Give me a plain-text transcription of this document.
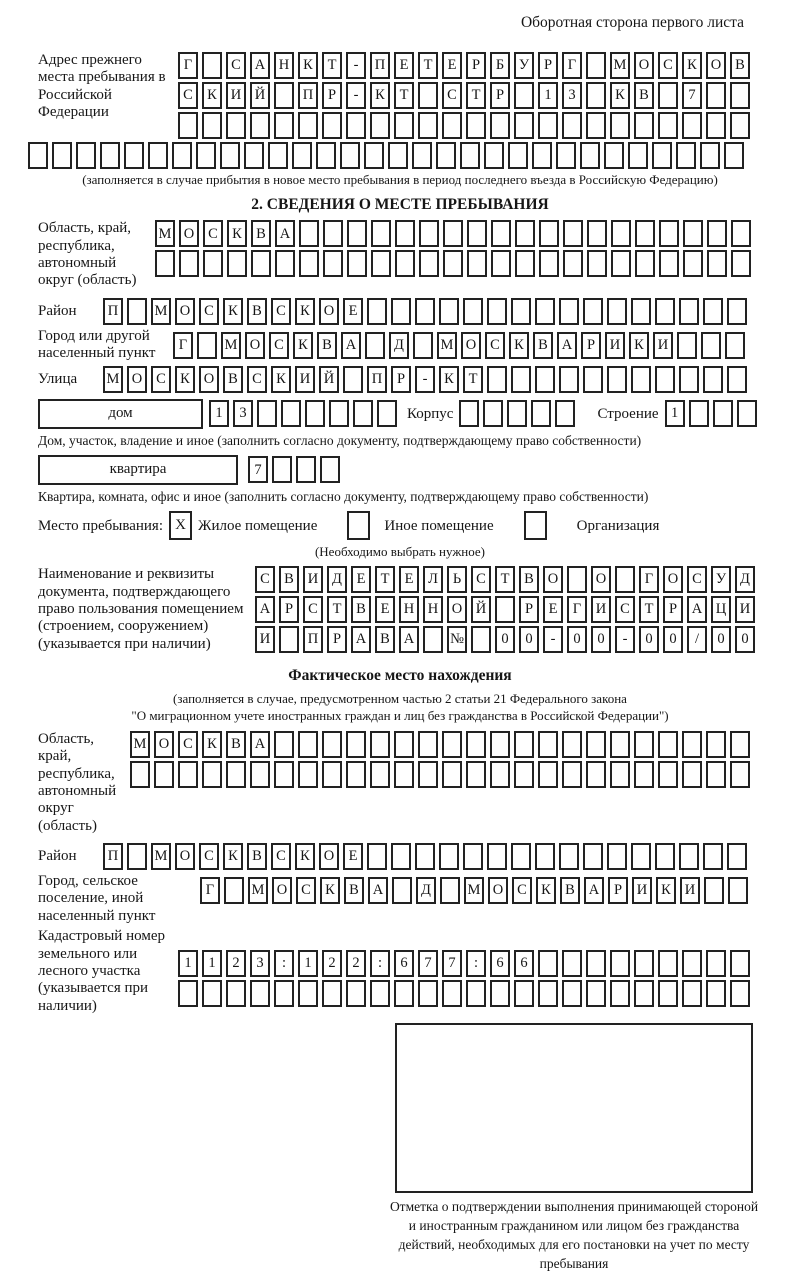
Оборотная сторона первого листа
Адрес прежнего места пребывания в Российской Федерации
Г	С А Н К	Т	-	П Е	Т	Е	Р	Б	У	Р	Г	М О С К О В
С К И Й	П	Р	-	К	Т	С	Т	Р	1	3	К В	7
(заполняется в случае прибытия в новое место пребывания в период последнего въезда в Российскую Федерацию)
2. СВЕДЕНИЯ О МЕСТЕ ПРЕБЫВАНИЯ
Область, край, республика, автономный округ (область)
М О С К В А
Район	П	М О С К В С К О Е
Город или другой населенный пункт
Г	М О С К В А	Д	М О С К В А	Р	И К И
Улица	М О С К О В С К И Й	П	Р	-	К	Т
дом	1	3	Корпус	Строение 1
Дом, участок, владение и иное (заполнить согласно документу, подтверждающему право собственности)
квартира	7
Квартира, комната, офис и иное (заполнить согласно документу, подтверждающему право собственности)
Место пребывания: X Жилое помещение	Иное помещение	Организация
(Необходимо выбрать нужное)
Наименование и реквизиты документа, подтверждающего право пользования помещением (строением, сооружением) (указывается при наличии)
С В И Д	Е	Т	Е	Л	Ь	С	Т	В О	О	Г	О С У Д
А	Р	С	Т	В	Е Н Н О Й	Р	Е	Г	И С	Т	Р	А Ц И
И	П	Р	А В А	№	0	0	-	0	0	-	0	0	/	0	0
Фактическое место нахождения
(заполняется в случае, предусмотренном частью 2 статьи 21 Федерального закона
"О миграционном учете иностранных граждан и лиц без гражданства в Российской Федерации")
Область, край, республика, автономный округ (область)
М О С К В А
Район	П	М О С К В С К О Е
Город, сельское поселение, иной населенный пункт
Г	М О С К В А	Д	М О С К В А	Р	И К И
Кадастровый номер земельного или лесного участка (указывается при наличии)
1	1	2	3	:	1	2	2	:	6	7	7	:	6	6
Отметка о подтверждении выполнения принимающей стороной и иностранным гражданином или лицом без гражданства действий, необходимых для его постановки на учет по месту пребывания
